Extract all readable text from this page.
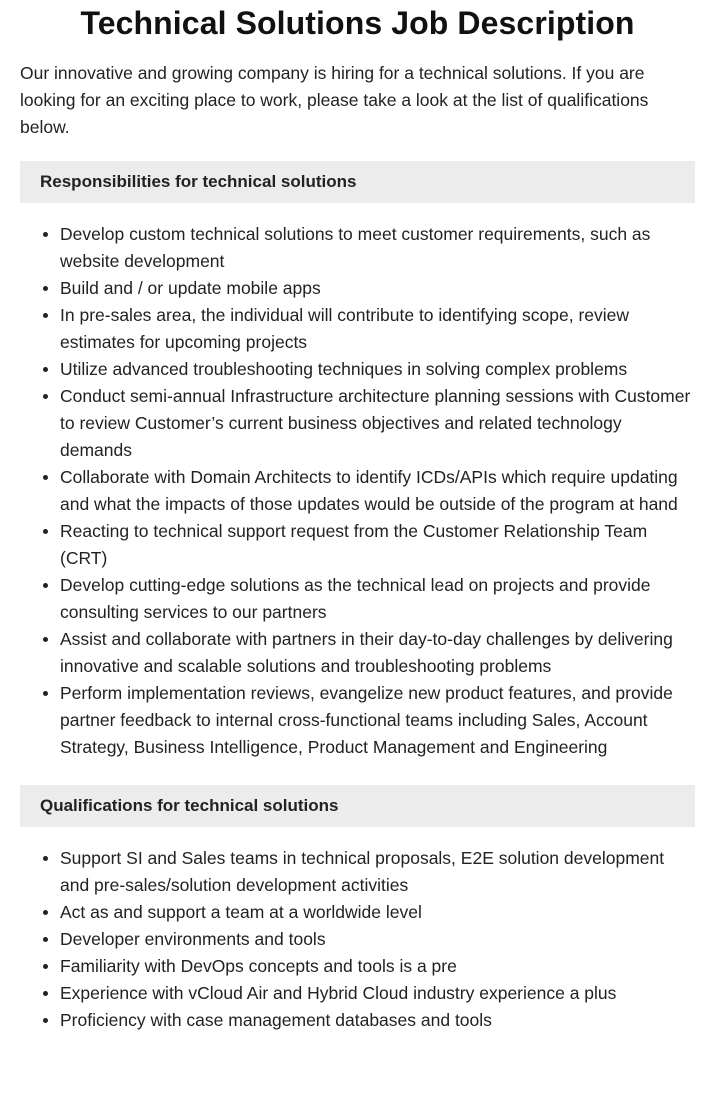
Technical Solutions Job Description

Our innovative and growing company is hiring for a technical solutions. If you are looking for an exciting place to work, please take a look at the list of qualifications below.

Responsibilities for technical solutions
Develop custom technical solutions to meet customer requirements, such as website development
Build and / or update mobile apps
In pre-sales area, the individual will contribute to identifying scope, review estimates for upcoming projects
Utilize advanced troubleshooting techniques in solving complex problems
Conduct semi-annual Infrastructure architecture planning sessions with Customer to review Customer’s current business objectives and related technology demands
Collaborate with Domain Architects to identify ICDs/APIs which require updating and what the impacts of those updates would be outside of the program at hand
Reacting to technical support request from the Customer Relationship Team (CRT)
Develop cutting-edge solutions as the technical lead on projects and provide consulting services to our partners
Assist and collaborate with partners in their day-to-day challenges by delivering innovative and scalable solutions and troubleshooting problems
Perform implementation reviews, evangelize new product features, and provide partner feedback to internal cross-functional teams including Sales, Account Strategy, Business Intelligence, Product Management and Engineering
Qualifications for technical solutions
Support SI and Sales teams in technical proposals, E2E solution development and pre-sales/solution development activities
Act as and support a team at a worldwide level
Developer environments and tools
Familiarity with DevOps concepts and tools is a pre
Experience with vCloud Air and Hybrid Cloud industry experience a plus
Proficiency with case management databases and tools
